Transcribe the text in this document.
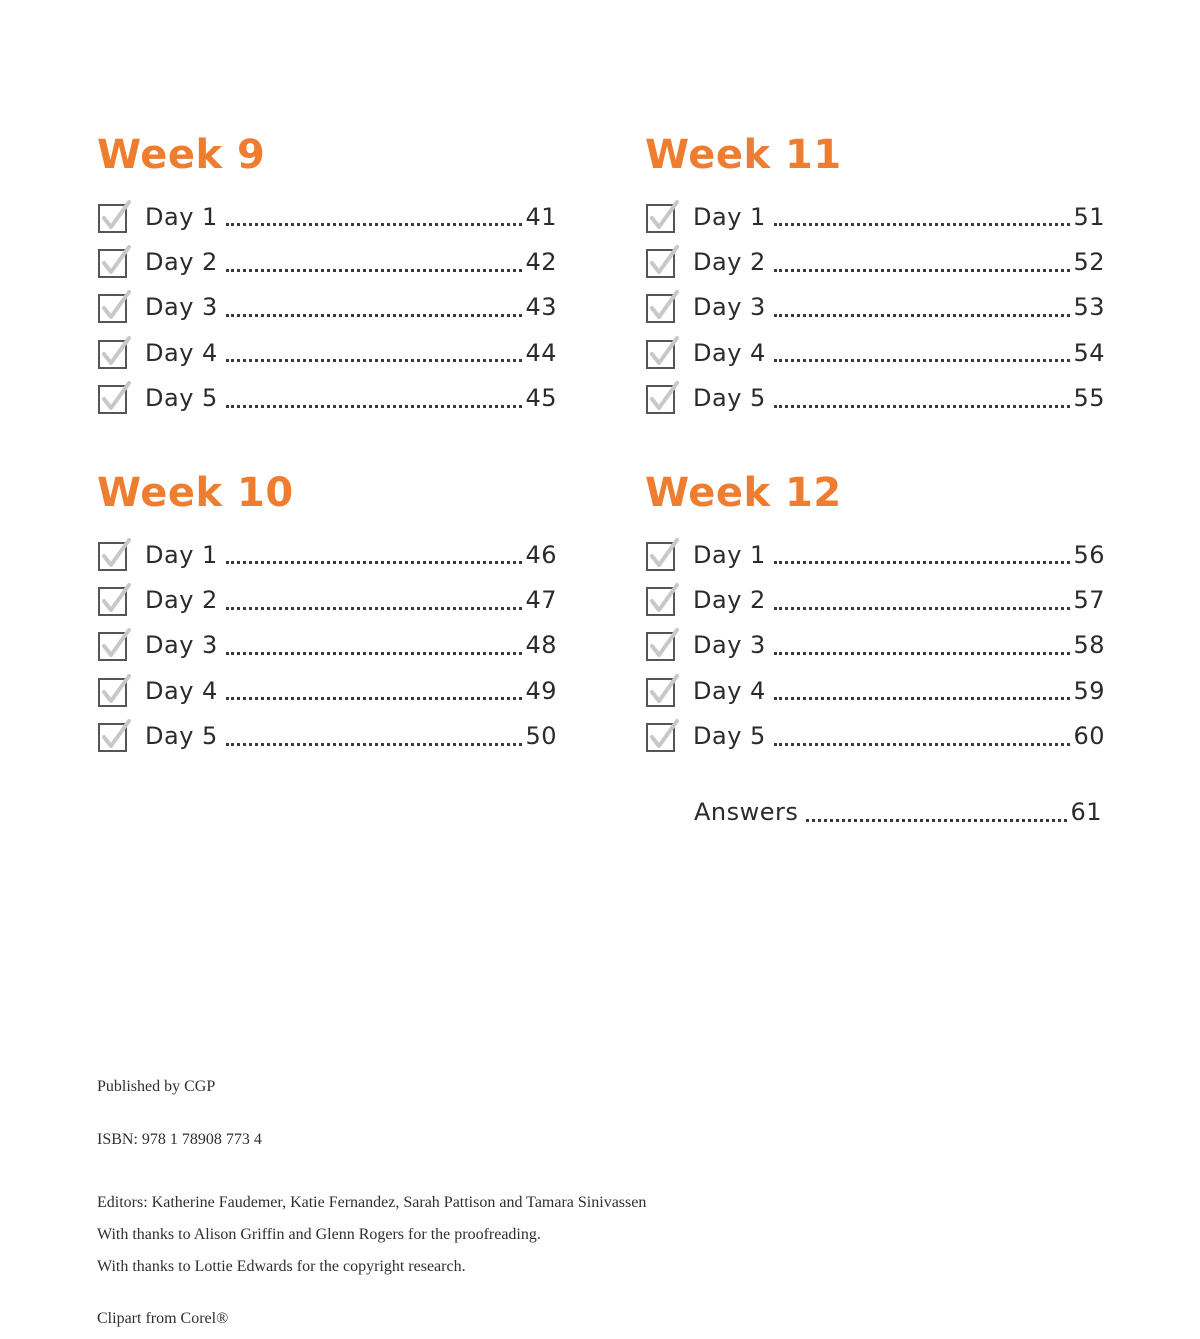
Week 9
Day 1	41
Day 2	42
Day 3	43
Day 4	44
Day 5	45
Week 11
Day 1	51
Day 2	52
Day 3	53
Day 4	54
Day 5	55
Week 10
Day 1	46
Day 2	47
Day 3	48
Day 4	49
Day 5	50
Week 12
Day 1	56
Day 2	57
Day 3	58
Day 4	59
Day 5	60
Answers	61
Published by CGP
ISBN: 978 1 78908 773 4
Editors: Katherine Faudemer, Katie Fernandez, Sarah Pattison and Tamara Sinivassen
With thanks to Alison Griffin and Glenn Rogers for the proofreading.
With thanks to Lottie Edwards for the copyright research.
Clipart from Corel®
